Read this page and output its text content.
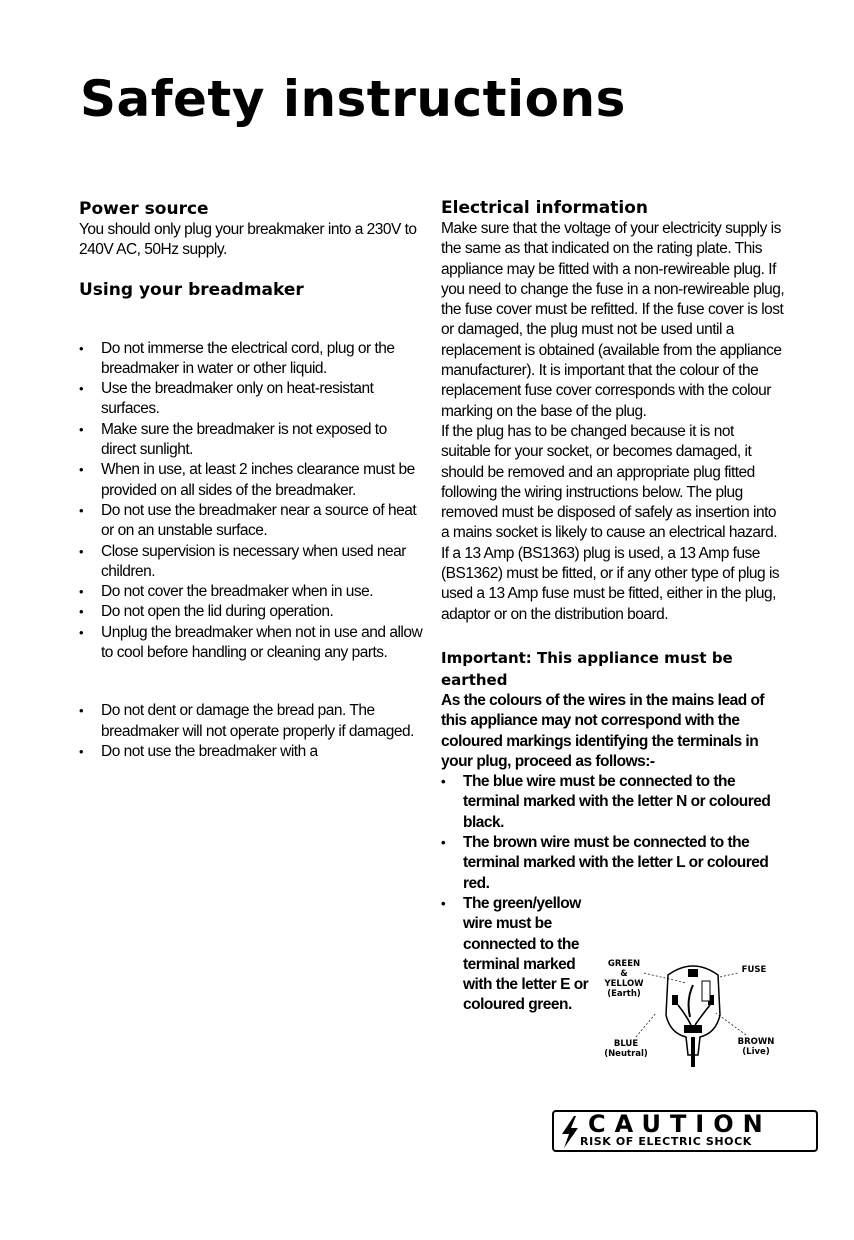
Safety instructions
Power source

You should only plug your breakmaker into a 230V to 240V AC, 50Hz supply.

Using your breadmaker
• Do not immerse the electrical cord, plug or the breadmaker in water or other liquid.
• Use the breadmaker only on heat-resistant surfaces.
• Make sure the breadmaker is not exposed to direct sunlight.
• When in use, at least 2 inches clearance must be provided on all sides of the breadmaker.
• Do not use the breadmaker near a source of heat or on an unstable surface.
• Close supervision is necessary when used near children.
• Do not cover the breadmaker when in use.
• Do not open the lid during operation.
• Unplug the breadmaker when not in use and allow to cool before handling or cleaning any parts.
• Do not dent or damage the bread pan. The breadmaker will not operate properly if damaged.
• Do not use the breadmaker with a
Electrical information

Make sure that the voltage of your electricity supply is the same as that indicated on the rating plate. This appliance may be fitted with a non-rewireable plug. If you need to change the fuse in a non-rewireable plug, the fuse cover must be refitted. If the fuse cover is lost or damaged, the plug must not be used until a replacement is obtained (available from the appliance manufacturer). It is important that the colour of the replacement fuse cover corresponds with the colour marking on the base of the plug.

If the plug has to be changed because it is not suitable for your socket, or becomes damaged, it should be removed and an appropriate plug fitted following the wiring instructions below. The plug removed must be disposed of safely as insertion into a mains socket is likely to cause an electrical hazard.

If a 13 Amp (BS1363) plug is used, a 13 Amp fuse (BS1362) must be fitted, or if any other type of plug is used a 13 Amp fuse must be fitted, either in the plug, adaptor or on the distribution board.

Important: This appliance must be earthed

As the colours of the wires in the mains lead of this appliance may not correspond with the coloured markings identifying the terminals in your plug, proceed as follows:-

• The blue wire must be connected to the terminal marked with the letter N or coloured black.
• The brown wire must be connected to the terminal marked with the letter L or coloured red.
• The green/yellow wire must be connected to the terminal marked with the letter E or coloured green.
GREEN
&
YELLOW
(Earth)
FUSE
BLUE
(Neutral)
BROWN
(Live)
CAUTION
RISK OF ELECTRIC SHOCK
